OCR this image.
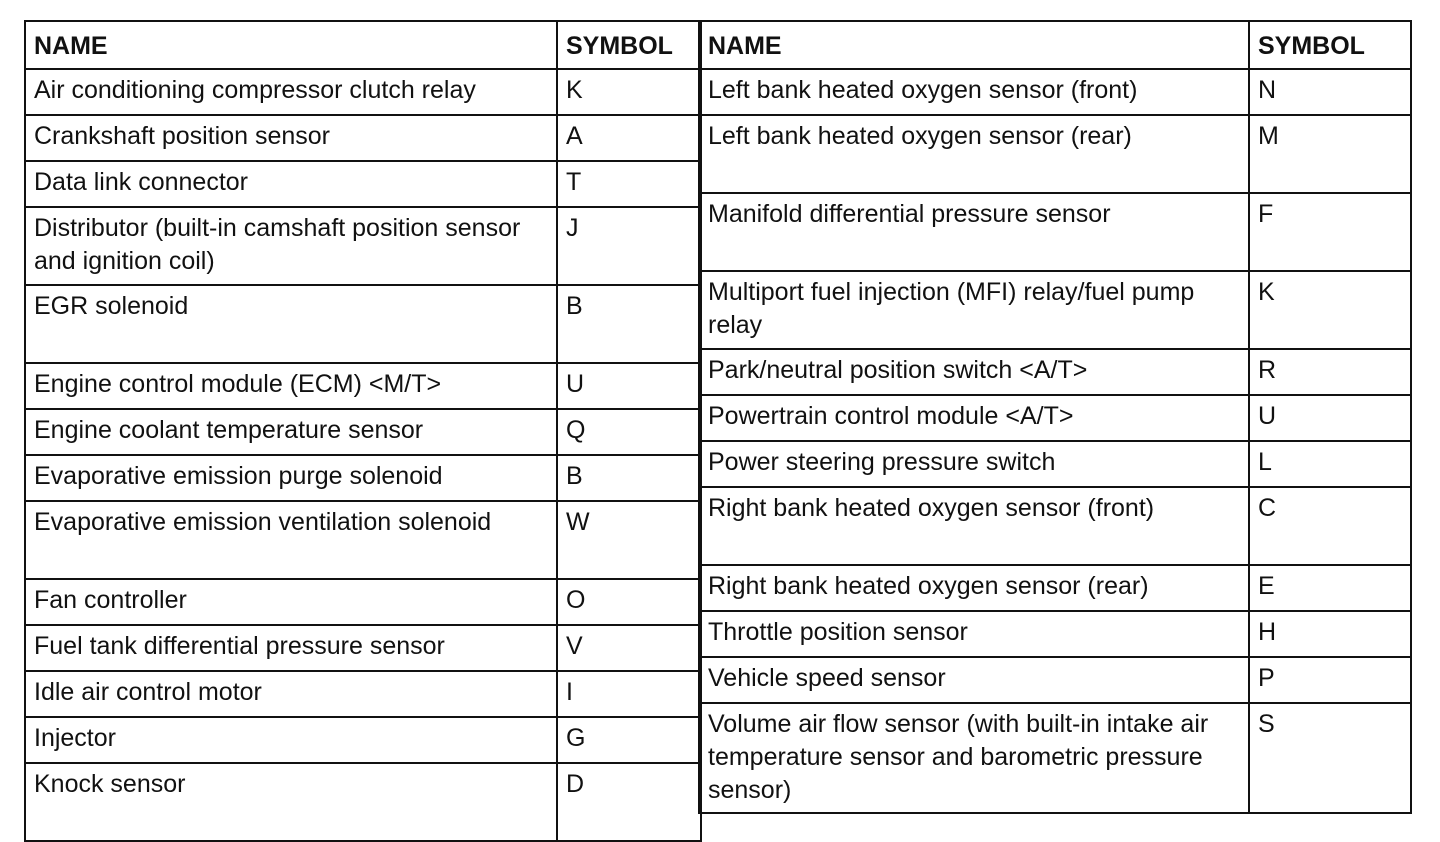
NAME	SYMBOL
Air conditioning compressor clutch relay	K
Crankshaft position sensor	A
Data link connector	T
Distributor (built-in camshaft position sensor and ignition coil)	J
EGR solenoid	B
Engine control module (ECM) <M/T>	U
Engine coolant temperature sensor	Q
Evaporative emission purge solenoid	B
Evaporative emission ventilation solenoid	W
Fan controller	O
Fuel tank differential pressure sensor	V
Idle air control motor	I
Injector	G
Knock sensor	D
NAME	SYMBOL
Left bank heated oxygen sensor (front)	N
Left bank heated oxygen sensor (rear)	M
Manifold differential pressure sensor	F
Multiport fuel injection (MFI) relay/fuel pump relay	K
Park/neutral position switch <A/T>	R
Powertrain control module <A/T>	U
Power steering pressure switch	L
Right bank heated oxygen sensor (front)	C
Right bank heated oxygen sensor (rear)	E
Throttle position sensor	H
Vehicle speed sensor	P
Volume air flow sensor (with built-in intake air temperature sensor and barometric pressure sensor)	S
